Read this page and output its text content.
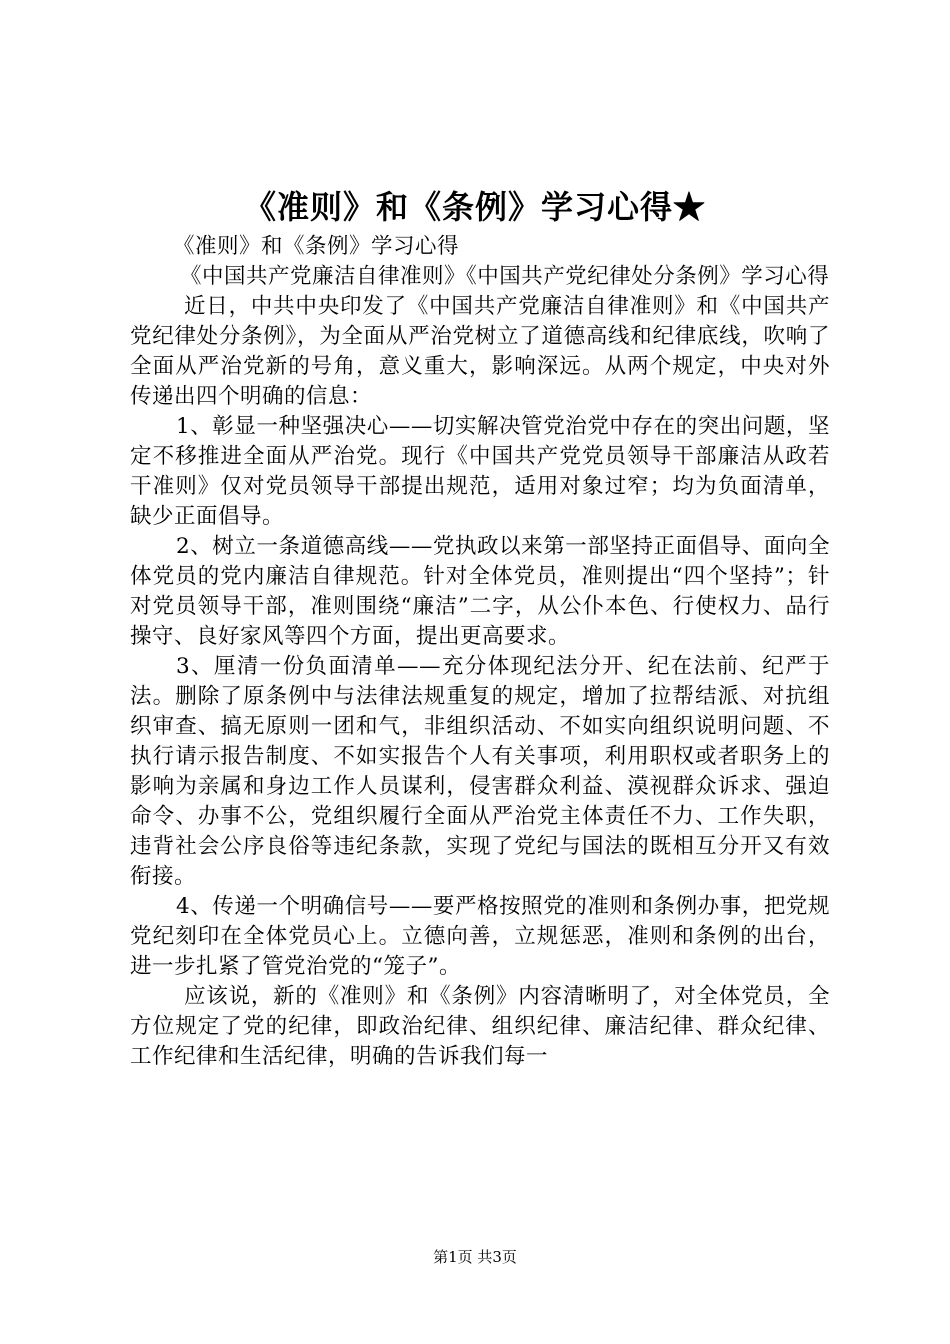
《准则》和《条例》学习心得★

《准则》和《条例》学习心得

《中国共产党廉洁自律准则》《中国共产党纪律处分条例》学习心得

近日，中共中央印发了《中国共产党廉洁自律准则》和《中国共产党纪律处分条例》，为全面从严治党树立了道德高线和纪律底线，吹响了全面从严治党新的号角，意义重大，影响深远。从两个规定，中央对外传递出四个明确的信息：

1、彰显一种坚强决心——切实解决管党治党中存在的突出问题，坚定不移推进全面从严治党。现行《中国共产党党员领导干部廉洁从政若干准则》仅对党员领导干部提出规范，适用对象过窄；均为负面清单，缺少正面倡导。

2、树立一条道德高线——党执政以来第一部坚持正面倡导、面向全体党员的党内廉洁自律规范。针对全体党员，准则提出“四个坚持”；针对党员领导干部，准则围绕“廉洁”二字，从公仆本色、行使权力、品行操守、良好家风等四个方面，提出更高要求。

3、厘清一份负面清单——充分体现纪法分开、纪在法前、纪严于法。删除了原条例中与法律法规重复的规定，增加了拉帮结派、对抗组织审查、搞无原则一团和气，非组织活动、不如实向组织说明问题、不执行请示报告制度、不如实报告个人有关事项，利用职权或者职务上的影响为亲属和身边工作人员谋利，侵害群众利益、漠视群众诉求、强迫命令、办事不公，党组织履行全面从严治党主体责任不力、工作失职，违背社会公序良俗等违纪条款，实现了党纪与国法的既相互分开又有效衔接。

4、传递一个明确信号——要严格按照党的准则和条例办事，把党规党纪刻印在全体党员心上。立德向善，立规惩恶，准则和条例的出台，进一步扎紧了管党治党的“笼子”。

应该说，新的《准则》和《条例》内容清晰明了，对全体党员，全方位规定了党的纪律，即政治纪律、组织纪律、廉洁纪律、群众纪律、工作纪律和生活纪律，明确的告诉我们每一

第1页 共3页
